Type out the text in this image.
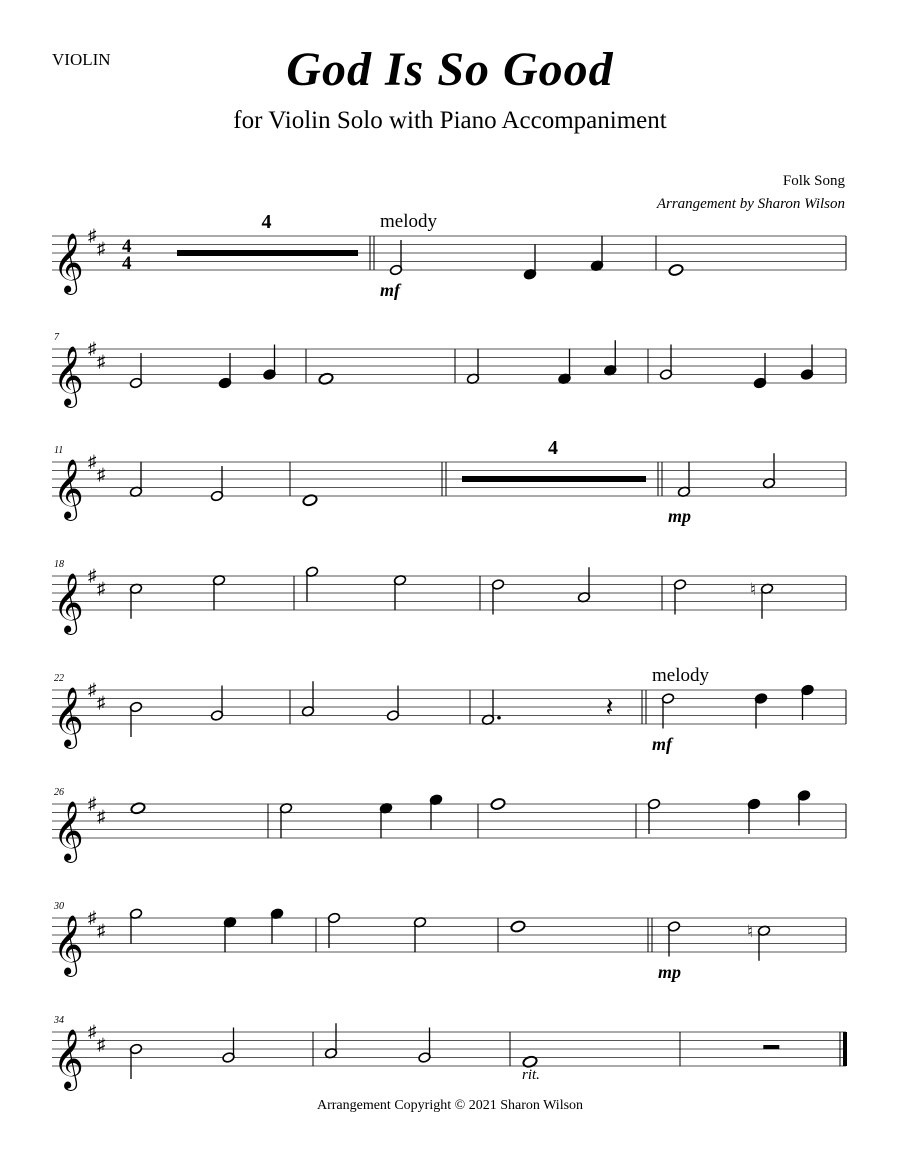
VIOLIN	God Is So Good
for Violin Solo with Piano Accompaniment
Folk Song
Arrangement by Sharon Wilson
𝄞 ♯
♯ 4
4
4	melody
mf
𝄞 ♯
♯
7
𝄞 ♯
♯
11	4
mp
𝄞 ♯
♯
18
♮
𝄞 ♯
♯
22
𝄽
melody
mf
𝄞 ♯
♯
26
𝄞 ♯
♯
30
♮
mp
𝄞 ♯
♯
34
rit.
Arrangement Copyright © 2021 Sharon Wilson
